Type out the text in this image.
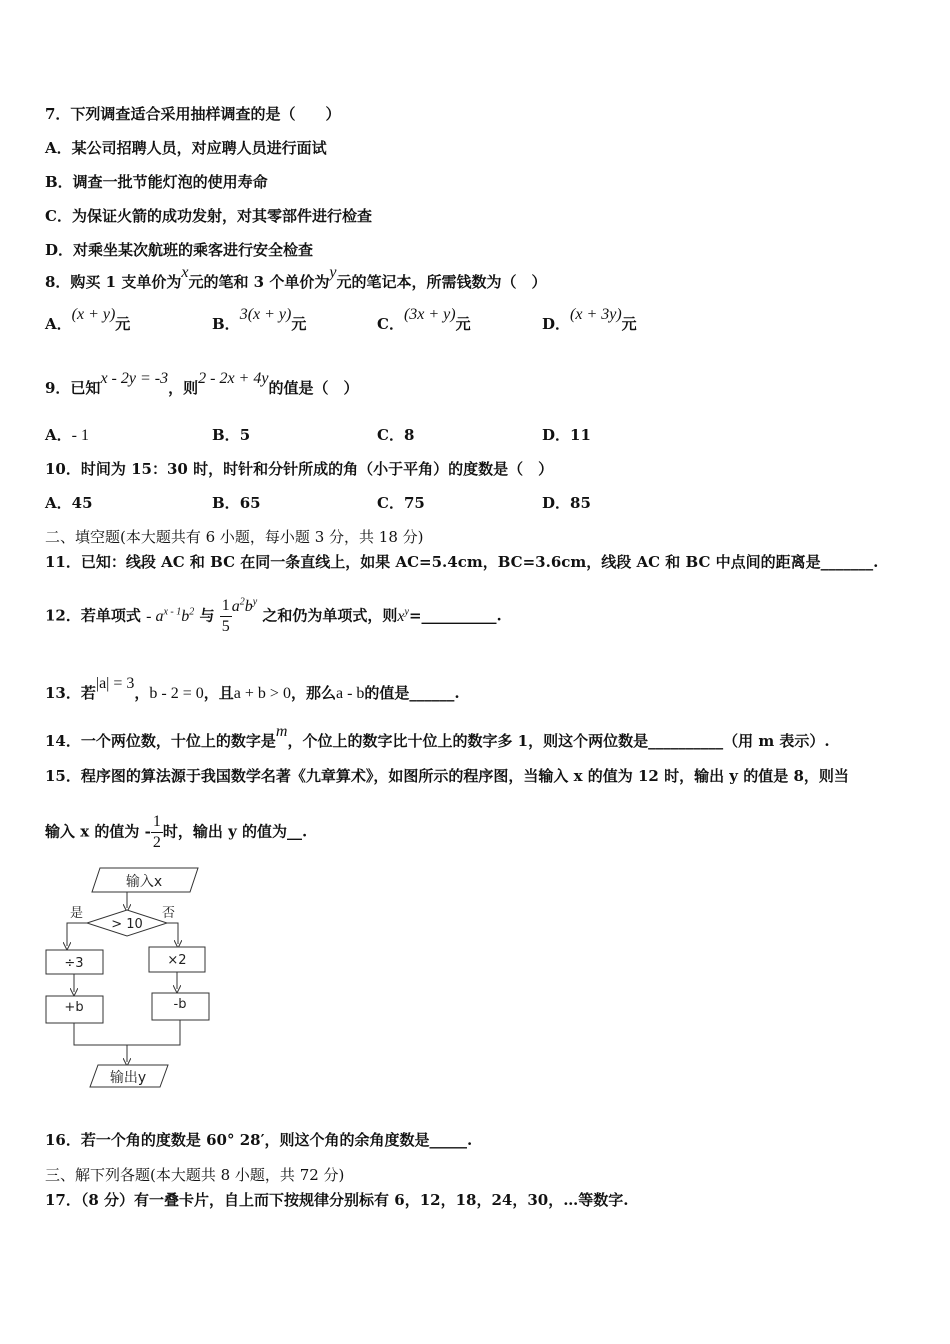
7．下列调查适合采用抽样调查的是（　　）
A．某公司招聘人员，对应聘人员进行面试
B．调查一批节能灯泡的使用寿命
C．为保证火箭的成功发射，对其零部件进行检查
D．对乘坐某次航班的乘客进行安全检查
8．购买 1 支单价为x元的笔和 3 个单价为y元的笔记本，所需钱数为（　）
A．(x + y)元	B．3(x + y)元	C．(3x + y)元	D．(x + 3y)元
9．已知x - 2y = -3，则2 - 2x + 4y的值是（　）
A．- 1	B．5	C．8	D．11
10．时间为 15：30 时，时针和分针所成的角（小于平角）的度数是（　）
A．45	B．65	C．75	D．85
二、填空题(本大题共有 6 小题，每小题 3 分，共 18 分)
11．已知：线段 AC 和 BC 在同一条直线上，如果 AC=5.4cm，BC=3.6cm，线段 AC 和 BC 中点间的距离是_______.
12．若单项式 - $a^{x - 1}b^2$ 与 $\frac{1}{5} a^2b^y$ 之和仍为单项式，则$x^y=\_\_\_\_\_\_\_\_\_\_$.
13．若|a| = 3，b - 2 = 0，且a + b > 0，那么a - b的值是______.
14．一个两位数，十位上的数字是m，个位上的数字比十位上的数字多 1，则这个两位数是__________（用 m 表示）.
15．程序图的算法源于我国数学名著《九章算术》，如图所示的程序图，当输入 x 的值为 12 时，输出 y 的值是 8，则当
输入 x 的值为 - $\frac{1}{2}$ 时，输出 y 的值为__.
输入x
> 10
是	否
÷3
+b
×2
-b
输出y
16．若一个角的度数是 60° 28′，则这个角的余角度数是_____.
三、解下列各题(本大题共 8 小题，共 72 分)
17．（8 分）有一叠卡片，自上而下按规律分别标有 6，12，18，24，30，…等数字.
